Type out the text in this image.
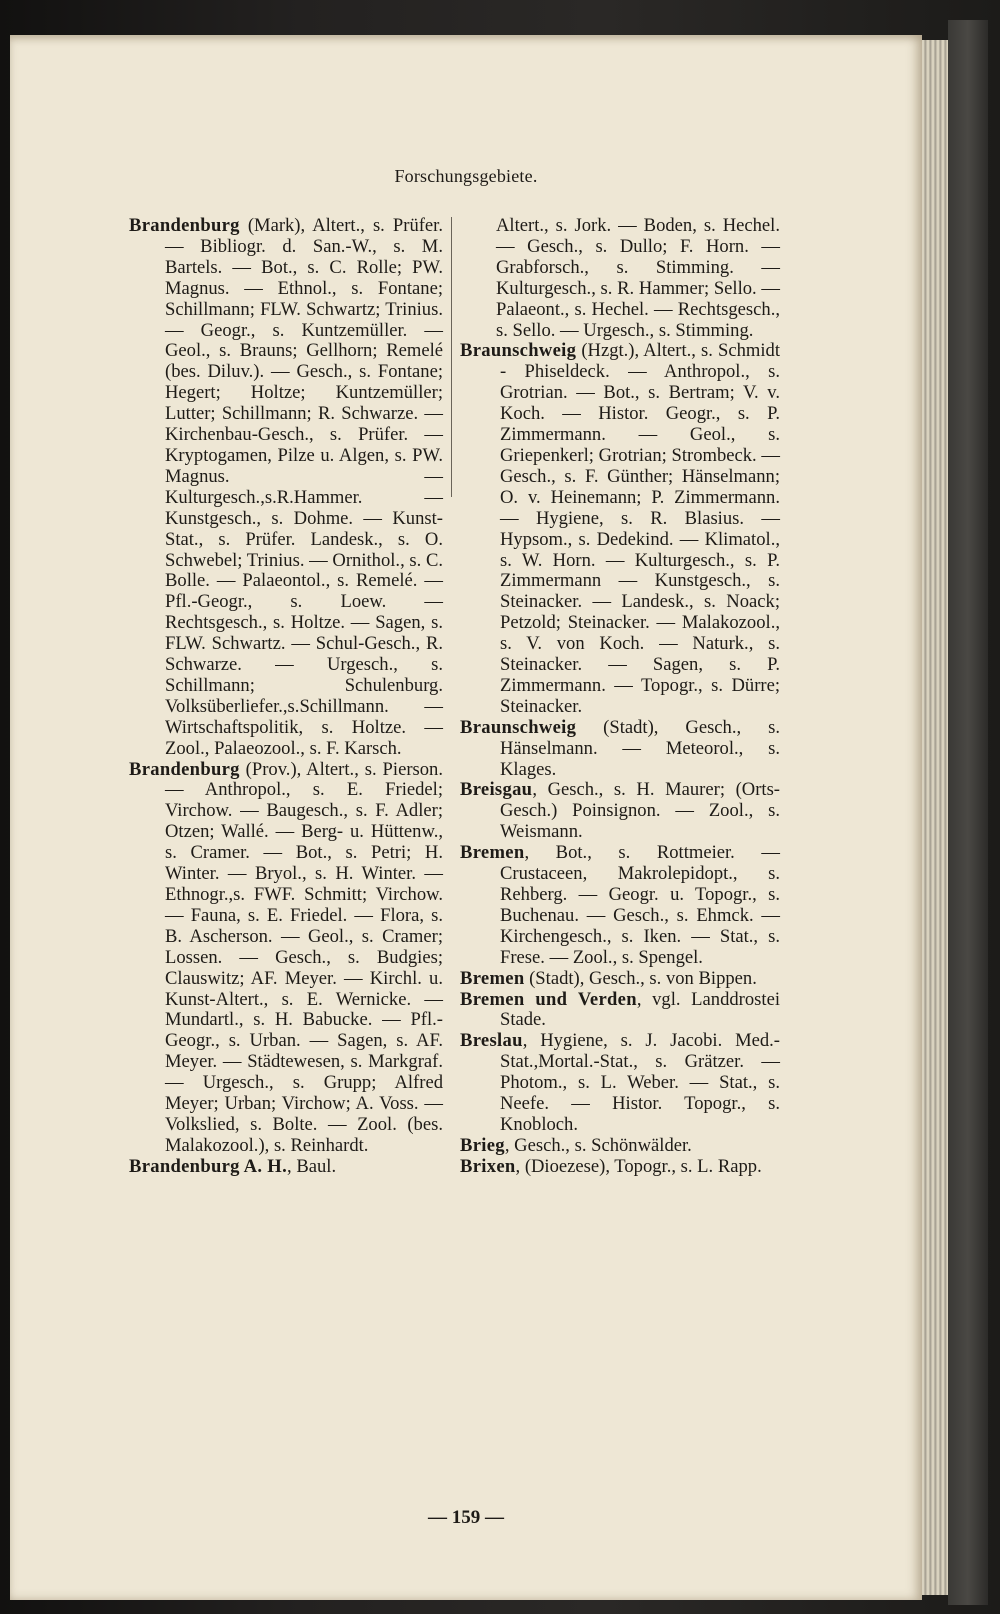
Forschungsgebiete.

Brandenburg (Mark), Altert., s. Prüfer. — Bibliogr. d. San.-W., s. M. Bartels. — Bot., s. C. Rolle; PW. Magnus. — Ethnol., s. Fontane; Schillmann; FLW. Schwartz; Trinius. — Geogr., s. Kuntzemüller. — Geol., s. Brauns; Gellhorn; Remelé (bes. Diluv.). — Gesch., s. Fontane; Hegert; Holtze; Kuntzemüller; Lutter; Schillmann; R. Schwarze. — Kirchenbau-Gesch., s. Prüfer. — Kryptogamen, Pilze u. Algen, s. PW. Magnus. — Kulturgesch.,s.R.Hammer. — Kunstgesch., s. Dohme. — Kunst-Stat., s. Prüfer. Landesk., s. O. Schwebel; Trinius. — Ornithol., s. C. Bolle. — Palaeontol., s. Remelé. — Pfl.-Geogr., s. Loew. — Rechtsgesch., s. Holtze. — Sagen, s. FLW. Schwartz. — Schul-Gesch., R. Schwarze. — Urgesch., s. Schillmann; Schulenburg. Volksüberliefer.,s.Schillmann. — Wirtschaftspolitik, s. Holtze. — Zool., Palaeozool., s. F. Karsch.

Brandenburg (Prov.), Altert., s. Pierson. — Anthropol., s. E. Friedel; Virchow. — Baugesch., s. F. Adler; Otzen; Wallé. — Berg- u. Hüttenw., s. Cramer. — Bot., s. Petri; H. Winter. — Bryol., s. H. Winter. — Ethnogr.,s. FWF. Schmitt; Virchow. — Fauna, s. E. Friedel. — Flora, s. B. Ascherson. — Geol., s. Cramer; Lossen. — Gesch., s. Budgies; Clauswitz; AF. Meyer. — Kirchl. u. Kunst-Altert., s. E. Wernicke. — Mundartl., s. H. Babucke. — Pfl.-Geogr., s. Urban. — Sagen, s. AF. Meyer. — Städtewesen, s. Markgraf. — Urgesch., s. Grupp; Alfred Meyer; Urban; Virchow; A. Voss. — Volkslied, s. Bolte. — Zool. (bes. Malakozool.), s. Reinhardt.

Brandenburg A. H., Baul.

Altert., s. Jork. — Boden, s. Hechel. — Gesch., s. Dullo; F. Horn. — Grabforsch., s. Stimming. — Kulturgesch., s. R. Hammer; Sello. — Palaeont., s. Hechel. — Rechtsgesch., s. Sello. — Urgesch., s. Stimming.

Braunschweig (Hzgt.), Altert., s. Schmidt - Phiseldeck. — Anthropol., s. Grotrian. — Bot., s. Bertram; V. v. Koch. — Histor. Geogr., s. P. Zimmermann. — Geol., s. Griepenkerl; Grotrian; Strombeck. — Gesch., s. F. Günther; Hänselmann; O. v. Heinemann; P. Zimmermann. — Hygiene, s. R. Blasius. — Hypsom., s. Dedekind. — Klimatol., s. W. Horn. — Kulturgesch., s. P. Zimmermann — Kunstgesch., s. Steinacker. — Landesk., s. Noack; Petzold; Steinacker. — Malakozool., s. V. von Koch. — Naturk., s. Steinacker. — Sagen, s. P. Zimmermann. — Topogr., s. Dürre; Steinacker.

Braunschweig (Stadt), Gesch., s. Hänselmann. — Meteorol., s. Klages.

Breisgau, Gesch., s. H. Maurer; (Orts-Gesch.) Poinsignon. — Zool., s. Weismann.

Bremen, Bot., s. Rottmeier. — Crustaceen, Makrolepidopt., s. Rehberg. — Geogr. u. Topogr., s. Buchenau. — Gesch., s. Ehmck. — Kirchengesch., s. Iken. — Stat., s. Frese. — Zool., s. Spengel.

Bremen (Stadt), Gesch., s. von Bippen.

Bremen und Verden, vgl. Landdrostei Stade.

Breslau, Hygiene, s. J. Jacobi. Med.-Stat.,Mortal.-Stat., s. Grätzer. — Photom., s. L. Weber. — Stat., s. Neefe. — Histor. Topogr., s. Knobloch.

Brieg, Gesch., s. Schönwälder.

Brixen, (Dioezese), Topogr., s. L. Rapp.

— 159 —
